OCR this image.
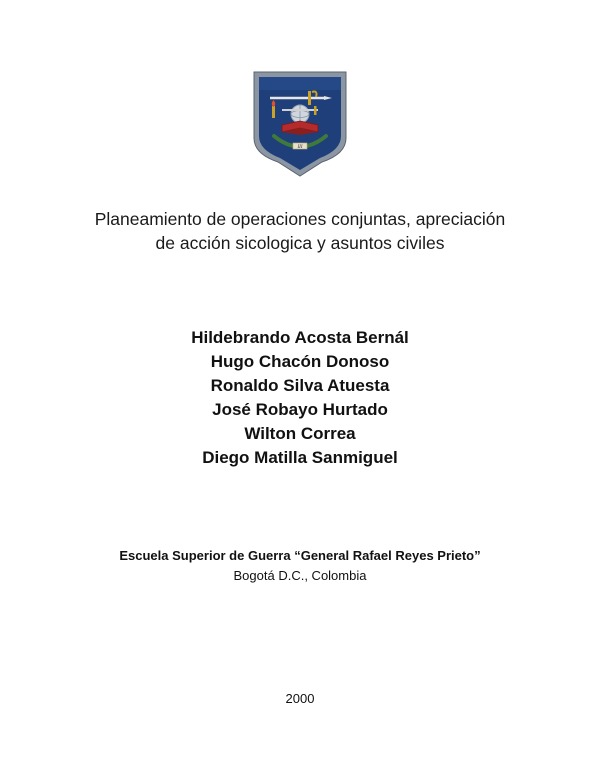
III
Planeamiento de operaciones conjuntas, apreciación
de acción sicologica y asuntos civiles
Hildebrando Acosta Bernál
Hugo Chacón Donoso
Ronaldo Silva Atuesta
José Robayo Hurtado
Wilton Correa
Diego Matilla Sanmiguel
Escuela Superior de Guerra “General Rafael Reyes Prieto”
Bogotá D.C., Colombia
2000
